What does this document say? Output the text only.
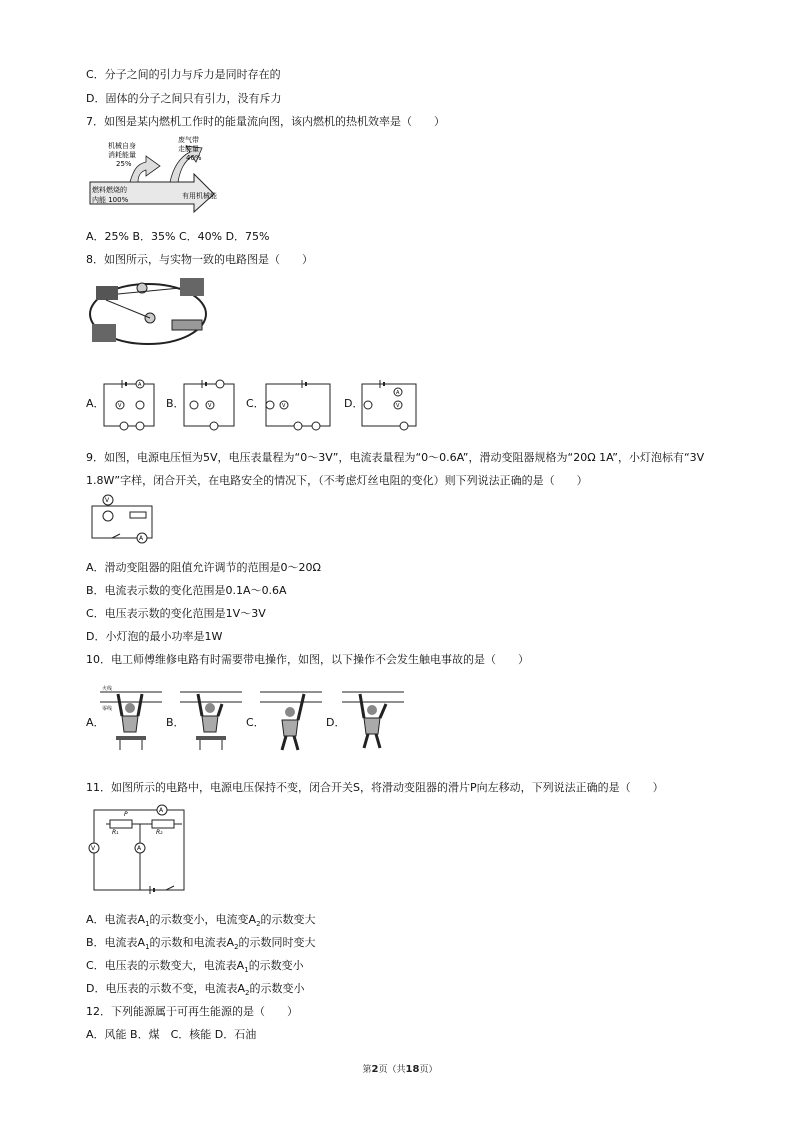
C．分子之间的引力与斥力是同时存在的
D．固体的分子之间只有引力，没有斥力
7．如图是某内燃机工作时的能量流向图，该内燃机的热机效率是（　　）
机械自身
消耗能量
25%
废气带
走能量
40%
燃料燃烧的
内能 100%	有用机械能
A．25% B．35% C．40% D．75%
8．如图所示，与实物一致的电路图是（　　）
A．
A
V	B．	V	C．	V	D．
A
V
9．如图，电源电压恒为5V，电压表量程为“0～3V”，电流表量程为“0～0.6A”，滑动变阻器规格为“20Ω 1A”，小灯泡标有“3V
1.8W”字样，闭合开关，在电路安全的情况下，（不考虑灯丝电阻的变化）则下列说法正确的是（　　）
V
A
A．滑动变阻器的阻值允许调节的范围是0～20Ω
B．电流表示数的变化范围是0.1A～0.6A
C．电压表示数的变化范围是1V～3V
D．小灯泡的最小功率是1W
10．电工师傅维修电路有时需要带电操作，如图，以下操作不会发生触电事故的是（　　）
A．
火线
零线
B．	C．	D．
11．如图所示的电路中，电源电压保持不变，闭合开关S，将滑动变阻器的滑片P向左移动，下列说法正确的是（　　）
A
V	A
R₁	R₂
P
A．电流表$A_1$的示数变小，电流变$A_2$的示数变大
B．电流表$A_1$的示数和电流表$A_2$的示数同时变大
C．电压表的示数变大，电流表$A_1$的示数变小
D．电压表的示数不变，电流表$A_2$的示数变小
12．下列能源属于可再生能源的是（　　）
A．风能 B．煤　C．核能 D．石油
第2页（共18页）
